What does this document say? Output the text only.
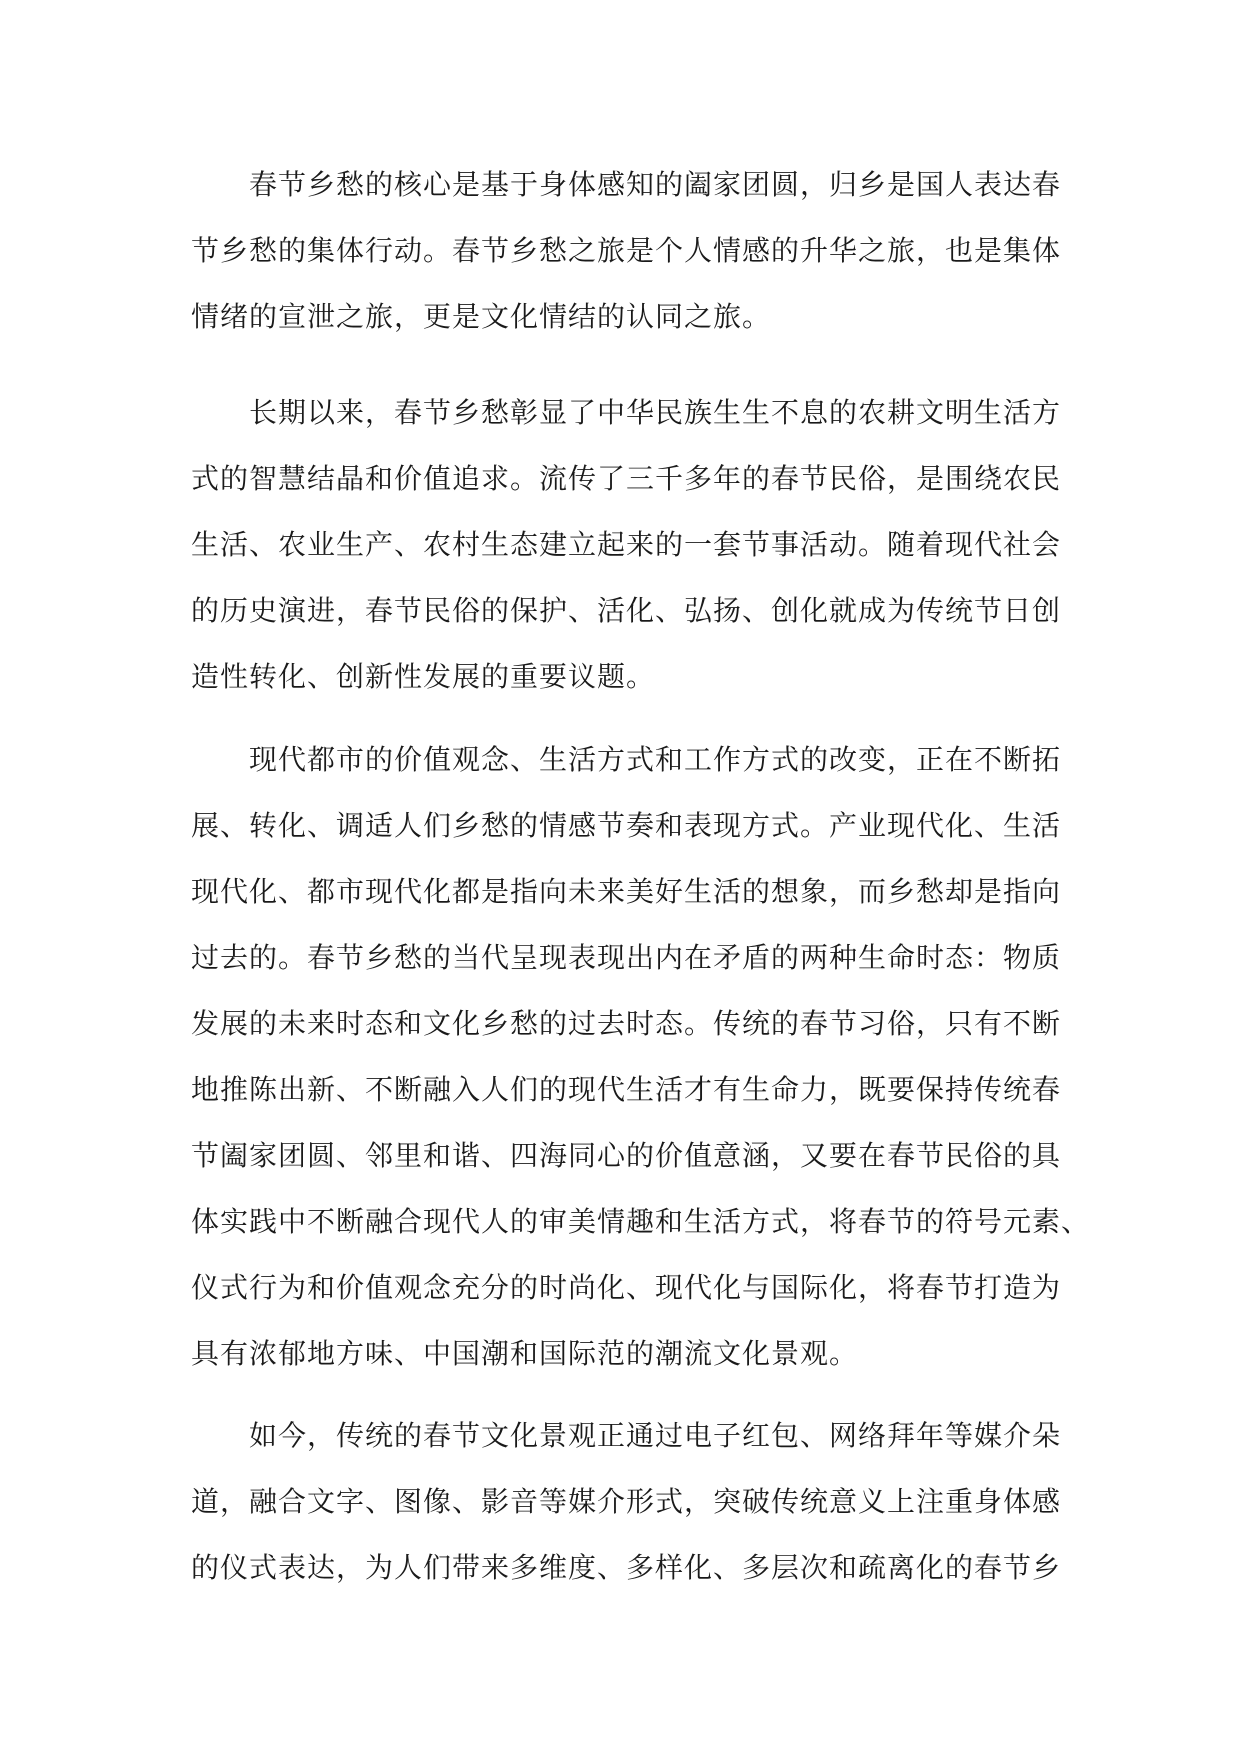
春节乡愁的核心是基于身体感知的阖家团圆，归乡是国人表达春
节乡愁的集体行动。春节乡愁之旅是个人情感的升华之旅，也是集体
情绪的宣泄之旅，更是文化情结的认同之旅。
长期以来，春节乡愁彰显了中华民族生生不息的农耕文明生活方
式的智慧结晶和价值追求。流传了三千多年的春节民俗，是围绕农民
生活、农业生产、农村生态建立起来的一套节事活动。随着现代社会
的历史演进，春节民俗的保护、活化、弘扬、创化就成为传统节日创
造性转化、创新性发展的重要议题。
现代都市的价值观念、生活方式和工作方式的改变，正在不断拓
展、转化、调适人们乡愁的情感节奏和表现方式。产业现代化、生活
现代化、都市现代化都是指向未来美好生活的想象，而乡愁却是指向
过去的。春节乡愁的当代呈现表现出内在矛盾的两种生命时态：物质
发展的未来时态和文化乡愁的过去时态。传统的春节习俗，只有不断
地推陈出新、不断融入人们的现代生活才有生命力，既要保持传统春
节阖家团圆、邻里和谐、四海同心的价值意涵，又要在春节民俗的具
体实践中不断融合现代人的审美情趣和生活方式，将春节的符号元素、
仪式行为和价值观念充分的时尚化、现代化与国际化，将春节打造为
具有浓郁地方味、中国潮和国际范的潮流文化景观。
如今，传统的春节文化景观正通过电子红包、网络拜年等媒介朵
道，融合文字、图像、影音等媒介形式，突破传统意义上注重身体感
的仪式表达，为人们带来多维度、多样化、多层次和疏离化的春节乡
